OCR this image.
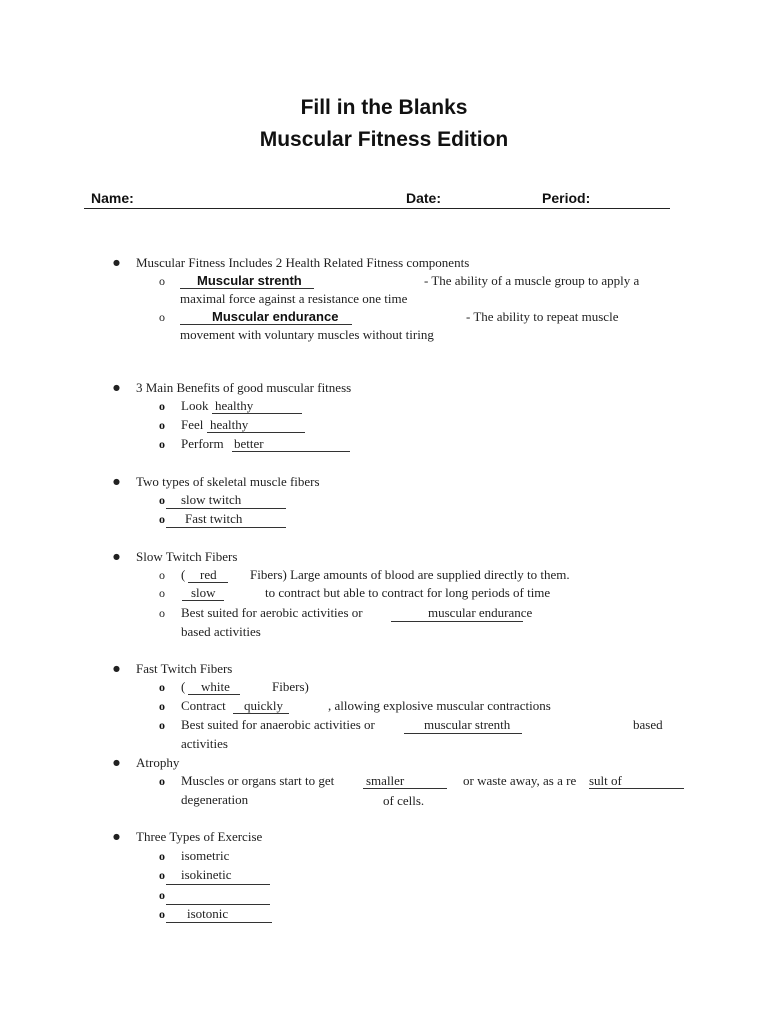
Fill in the Blanks
Muscular Fitness Edition
Name:	Date:	Period:
● Muscular Fitness Includes 2 Health Related Fitness components
o Muscular strenth	- The ability of a muscle group to apply a
maximal force against a resistance one time
o	Muscular endurance	- The ability to repeat muscle
movement with voluntary muscles without tiring
● 3 Main Benefits of good muscular fitness
o Look healthy
o Feel healthy
o Perform better
● Two types of skeletal muscle fibers
o slow twitch
o Fast twitch
● Slow Twitch Fibers
o ( red	Fibers) Large amounts of blood are supplied directly to them.
o slow	to contract but able to contract for long periods of time
o Best suited for aerobic activities or	muscular endurance
based activities
● Fast Twitch Fibers
o ( white	Fibers)
o Contract quickly	, allowing explosive muscular contractions
o Best suited for anaerobic activities or	muscular strenth	based
activities
● Atrophy
o Muscles or organs start to get smaller	or waste away, as a re sult of
degeneration	of cells.
● Three Types of Exercise
o isometric
o isokinetic
o
o isotonic
